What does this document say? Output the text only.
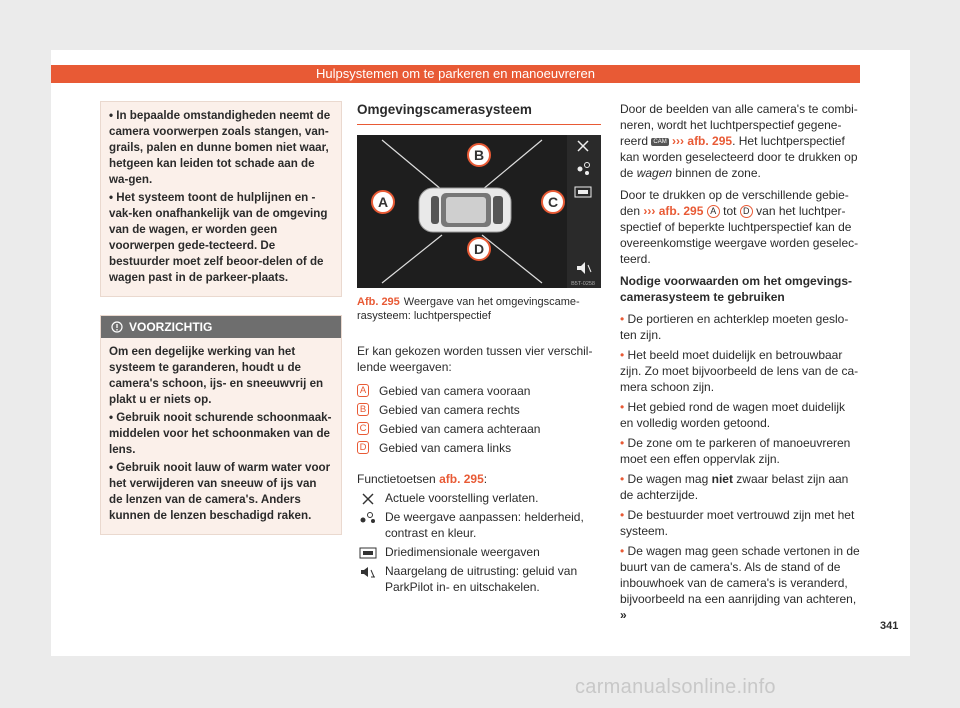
Hulpsystemen om te parkeren en manoeuvreren

• In bepaalde omstandigheden neemt de camera voorwerpen zoals stangen, van-grails, palen en dunne bomen niet waar, hetgeen kan leiden tot schade aan de wa-gen.

• Het systeem toont de hulplijnen en -vak-ken onafhankelijk van de omgeving van de wagen, er worden geen voorwerpen gede-tecteerd. De bestuurder moet zelf beoor-delen of de wagen past in de parkeer-plaats.

VOORZICHTIG

Om een degelijke werking van het systeem te garanderen, houdt u de camera's schoon, ijs- en sneeuwvrij en plakt u er niets op.

• Gebruik nooit schurende schoonmaak-middelen voor het schoonmaken van de lens.

• Gebruik nooit lauw of warm water voor het verwijderen van sneeuw of ijs van de lenzen van de camera's. Anders kunnen de lenzen beschadigd raken.

Omgevingscamerasysteem
B
A	C
D
B5T-0258
Afb. 295 Weergave van het omgevingscame-rasysteem: luchtperspectief

Er kan gekozen worden tussen vier verschil-lende weergaven:

A Gebied van camera vooraan
B Gebied van camera rechts
C Gebied van camera achteraan
D Gebied van camera links

Functietoetsen afb. 295:

Actuele voorstelling verlaten.
De weergave aanpassen: helderheid, contrast en kleur.
Driedimensionale weergaven
Naargelang de uitrusting: geluid van ParkPilot in- en uitschakelen.

Door de beelden van alle camera's te combi-neren, wordt het luchtperspectief gegene-reerd CAM ››› afb. 295. Het luchtperspectief kan worden geselecteerd door te drukken op de wagen binnen de zone.

Door te drukken op de verschillende gebie-den ››› afb. 295 A tot D van het luchtper-spectief of beperkte luchtperspectief kan de overeenkomstige weergave worden geselec-teerd.

Nodige voorwaarden om het omgevings-camerasysteem te gebruiken

• De portieren en achterklep moeten geslo-ten zijn.

• Het beeld moet duidelijk en betrouwbaar zijn. Zo moet bijvoorbeeld de lens van de ca-mera schoon zijn.

• Het gebied rond de wagen moet duidelijk en volledig worden getoond.

• De zone om te parkeren of manoeuvreren moet een effen oppervlak zijn.

• De wagen mag niet zwaar belast zijn aan de achterzijde.

• De bestuurder moet vertrouwd zijn met het systeem.

• De wagen mag geen schade vertonen in de buurt van de camera's. Als de stand of de inbouwhoek van de camera's is veranderd, bijvoorbeeld na een aanrijding van achteren, »

341
carmanualsonline.info
